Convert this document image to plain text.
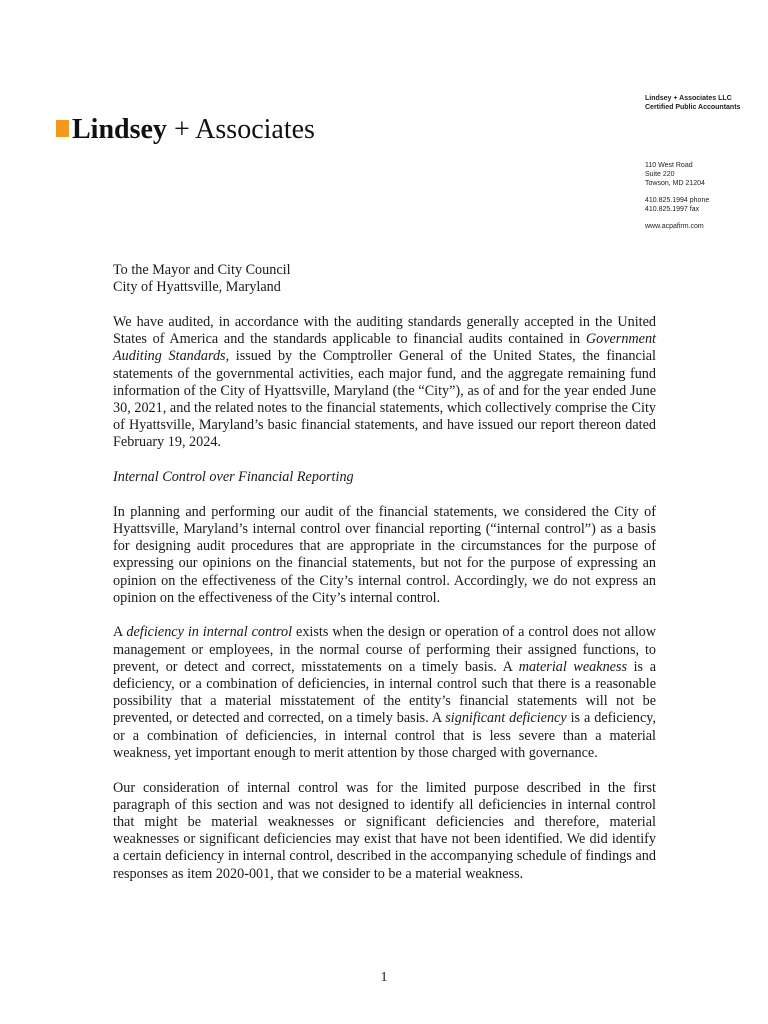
Lindsey + Associates
Lindsey + Associates LLC
Certified Public Accountants
110 West Road
Suite 220
Towson, MD 21204
410.825.1994 phone
410.825.1997 fax
www.acpafirm.com

To the Mayor and City Council

City of Hyattsville, Maryland

We have audited, in accordance with the auditing standards generally accepted in the United States of America and the standards applicable to financial audits contained in Government Auditing Standards, issued by the Comptroller General of the United States, the financial statements of the governmental activities, each major fund, and the aggregate remaining fund information of the City of Hyattsville, Maryland (the “City”), as of and for the year ended June 30, 2021, and the related notes to the financial statements, which collectively comprise the City of Hyattsville, Maryland’s basic financial statements, and have issued our report thereon dated February 19, 2024.

Internal Control over Financial Reporting

In planning and performing our audit of the financial statements, we considered the City of Hyattsville, Maryland’s internal control over financial reporting (“internal control”) as a basis for designing audit procedures that are appropriate in the circumstances for the purpose of expressing our opinions on the financial statements, but not for the purpose of expressing an opinion on the effectiveness of the City’s internal control. Accordingly, we do not express an opinion on the effectiveness of the City’s internal control.

A deficiency in internal control exists when the design or operation of a control does not allow management or employees, in the normal course of performing their assigned functions, to prevent, or detect and correct, misstatements on a timely basis. A material weakness is a deficiency, or a combination of deficiencies, in internal control such that there is a reasonable possibility that a material misstatement of the entity’s financial statements will not be prevented, or detected and corrected, on a timely basis. A significant deficiency is a deficiency, or a combination of deficiencies, in internal control that is less severe than a material weakness, yet important enough to merit attention by those charged with governance.

Our consideration of internal control was for the limited purpose described in the first paragraph of this section and was not designed to identify all deficiencies in internal control that might be material weaknesses or significant deficiencies and therefore, material weaknesses or significant deficiencies may exist that have not been identified. We did identify a certain deficiency in internal control, described in the accompanying schedule of findings and responses as item 2020-001, that we consider to be a material weakness.

1
